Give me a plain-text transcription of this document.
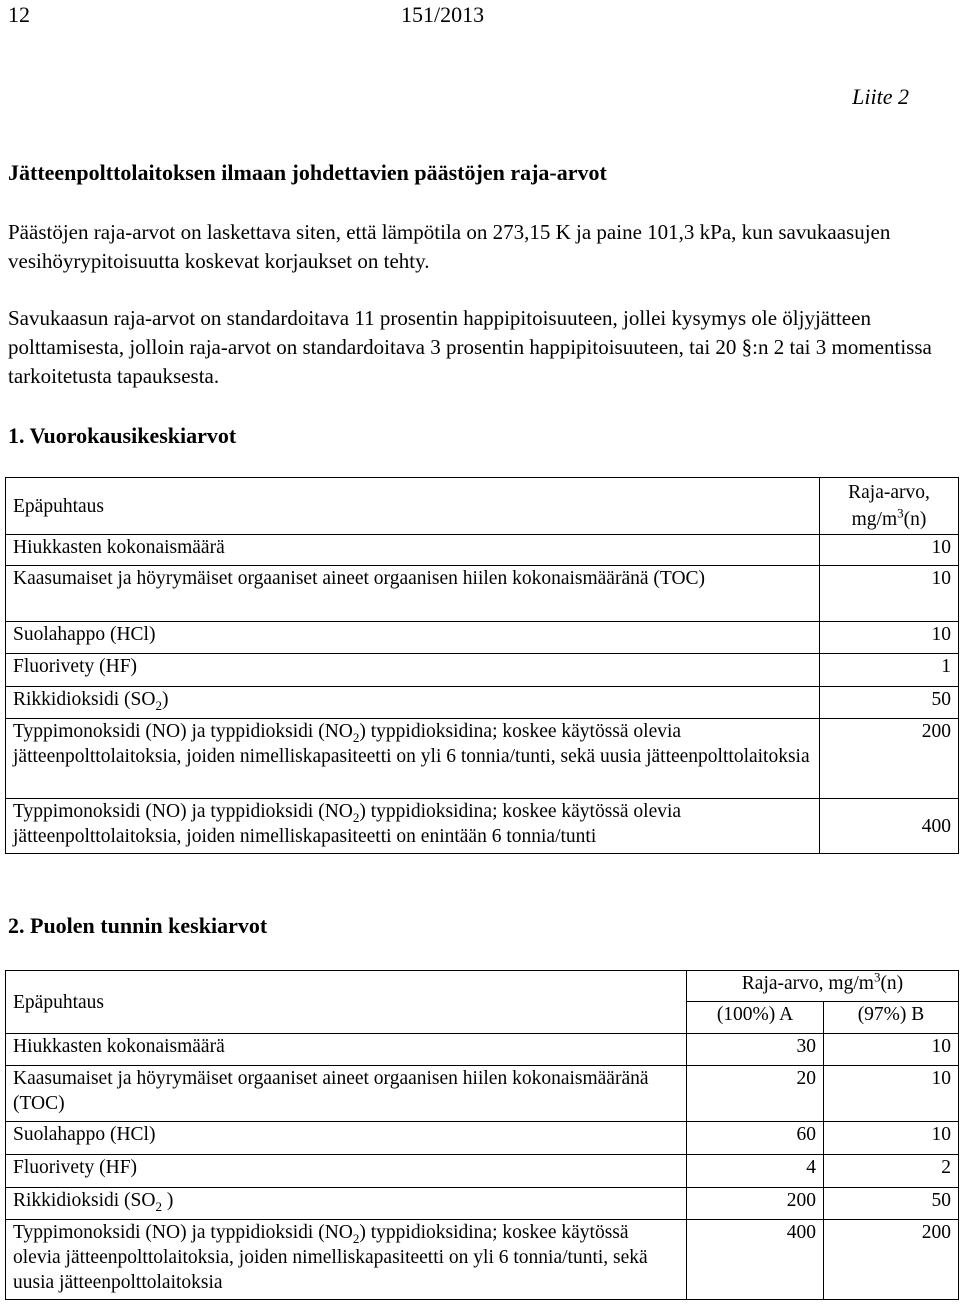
12	151/2013
Liite 2
Jätteenpolttolaitoksen ilmaan johdettavien päästöjen raja-arvot
Päästöjen raja-arvot on laskettava siten, että lämpötila on 273,15 K ja paine 101,3 kPa, kun savukaasujen vesihöyrypitoisuutta koskevat korjaukset on tehty.
Savukaasun raja-arvot on standardoitava 11 prosentin happipitoisuuteen, jollei kysymys ole öljyjätteen polttamisesta, jolloin raja-arvot on standardoitava 3 prosentin happipitoisuuteen, tai 20 §:n 2 tai 3 momentissa tarkoitetusta tapauksesta.
1. Vuorokausikeskiarvot
Epäpuhtaus	Raja-arvo,
$mg/m^3(n)$
Hiukkasten kokonaismäärä	10
Kaasumaiset ja höyrymäiset orgaaniset aineet orgaanisen hiilen kokonaismääränä (TOC)	10
Suolahappo (HCl)	10
Fluorivety (HF)	1
Rikkidioksidi $(SO_2)$	50
Typpimonoksidi (NO) ja typpidioksidi $(NO_2)$ typpidioksidina; koskee käytössä olevia jätteenpolttolaitoksia, joiden nimelliskapasiteetti on yli 6 tonnia/tunti, sekä uusia jätteenpolttolaitoksia	200
Typpimonoksidi (NO) ja typpidioksidi $(NO_2)$ typpidioksidina; koskee käytössä olevia jätteenpolttolaitoksia, joiden nimelliskapasiteetti on enintään 6 tonnia/tunti	400
2. Puolen tunnin keskiarvot
Epäpuhtaus	Raja-arvo, $mg/m^3(n)$	
	(100%) A	(97%) B
Hiukkasten kokonaismäärä	30	10
Kaasumaiset ja höyrymäiset orgaaniset aineet orgaanisen hiilen kokonaismääränä (TOC)	20	10
Suolahappo (HCl)	60	10
Fluorivety (HF)	4	2
Rikkidioksidi ($SO_2$ )	200	50
Typpimonoksidi (NO) ja typpidioksidi $(NO_2)$ typpidioksidina; koskee käytössä olevia jätteenpolttolaitoksia, joiden nimelliskapasiteetti on yli 6 tonnia/tunti, sekä uusia jätteenpolttolaitoksia	400	200
